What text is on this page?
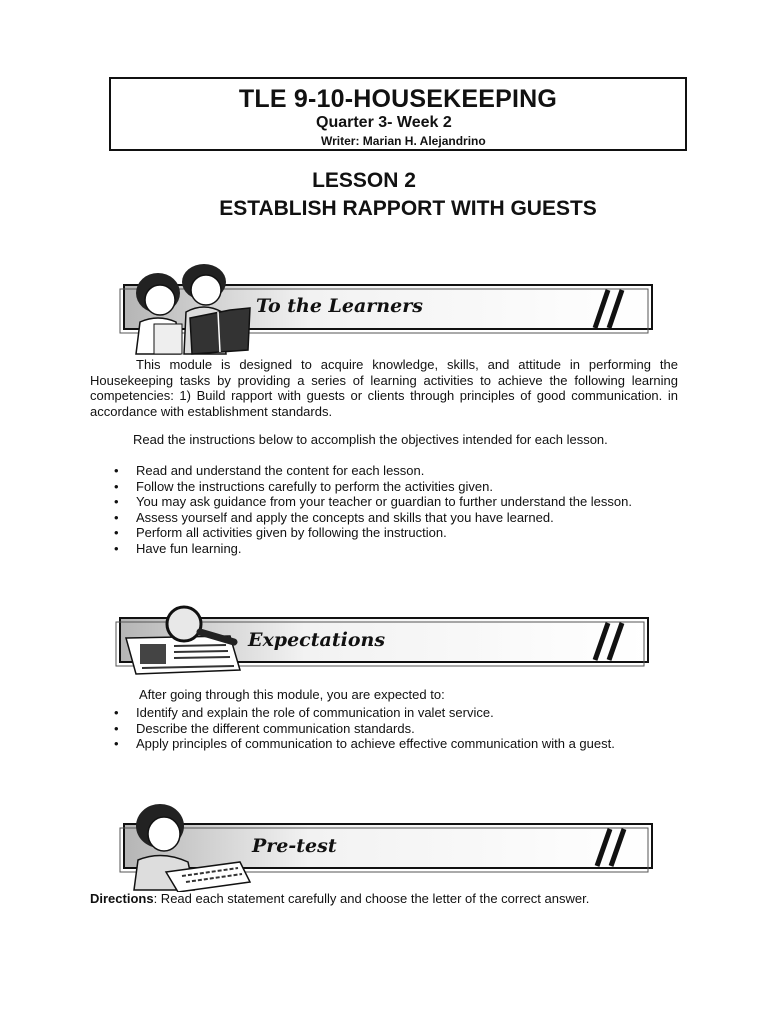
TLE 9-10-HOUSEKEEPING
Quarter 3- Week 2
Writer: Marian H. Alejandrino
LESSON 2
ESTABLISH RAPPORT WITH GUESTS
To the Learners

This module is designed to acquire knowledge, skills, and attitude in performing the Housekeeping tasks by providing a series of learning activities to achieve the following learning competencies: 1) Build rapport with guests or clients through principles of good communication. in accordance with establishment standards.

Read the instructions below to accomplish the objectives intended for each lesson.

• Read and understand the content for each lesson.
• Follow the instructions carefully to perform the activities given.
• You may ask guidance from your teacher or guardian to further understand the lesson.
• Assess yourself and apply the concepts and skills that you have learned.
• Perform all activities given by following the instruction.
• Have fun learning.
Expectations

After going through this module, you are expected to:

• Identify and explain the role of communication in valet service.
• Describe the different communication standards.
• Apply principles of communication to achieve effective communication with a guest.
Pre-test

Directions: Read each statement carefully and choose the letter of the correct answer.
